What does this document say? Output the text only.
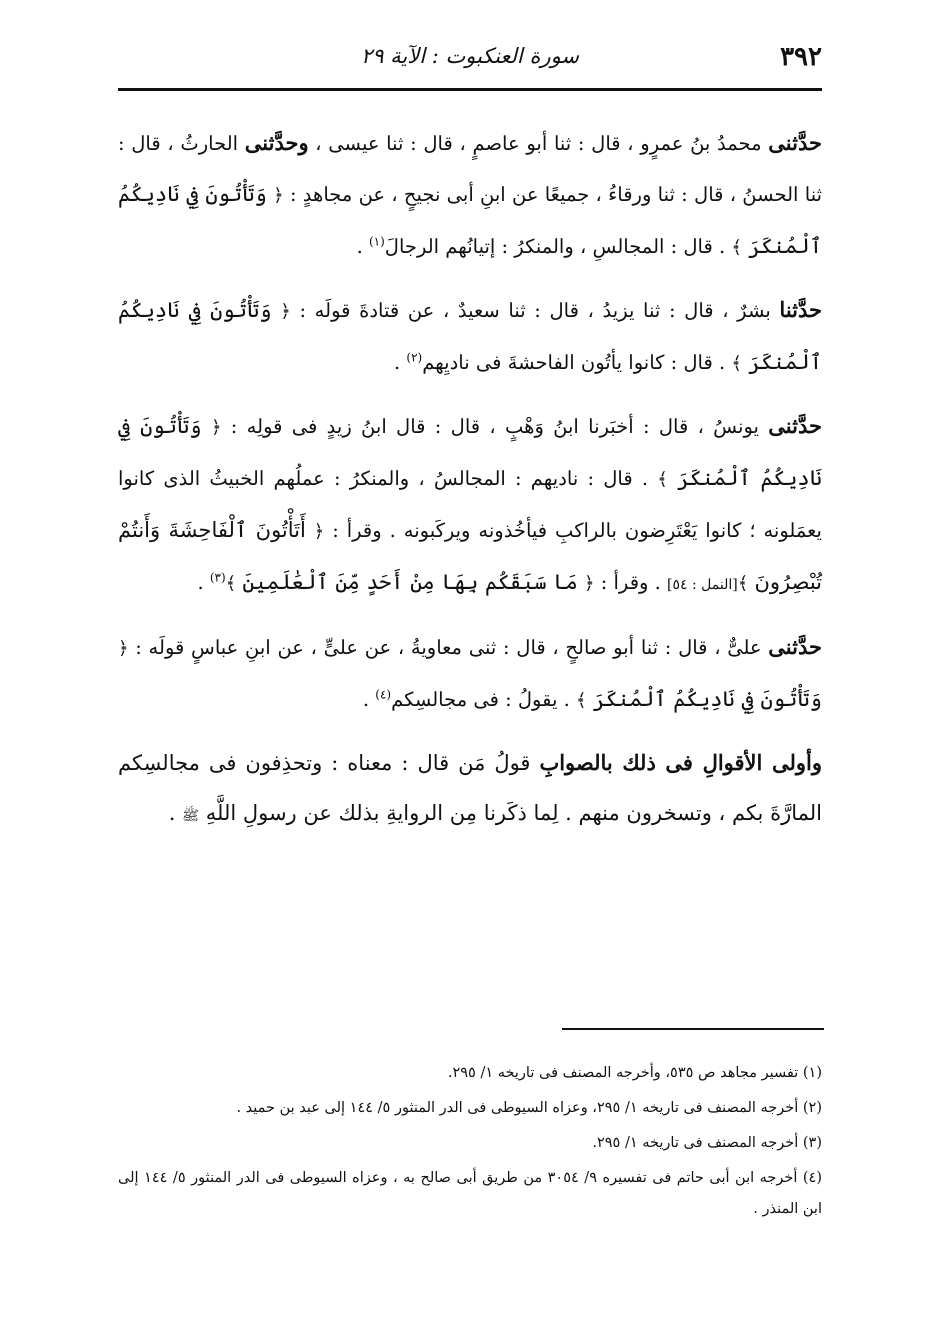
٣٩٢
سورة العنكبوت : الآية ٢٩

حدَّثنى محمدُ بنُ عمرٍو ، قال : ثنا أبو عاصمٍ ، قال : ثنا عيسى ، وحدَّثنى الحارثُ ، قال : ثنا الحسنُ ، قال : ثنا ورقاءُ ، جميعًا عن ابنِ أبى نجيحٍ ، عن مجاهدٍ : ﴿ وَتَأْتُونَ فِي نَادِيكُمُ ٱلْمُنكَرَ ﴾ . قال : المجالسِ ، والمنكرُ : إتيانُهم الرجالَ$^{(١)}$ .

حدَّثنا بشرٌ ، قال : ثنا يزيدُ ، قال : ثنا سعيدٌ ، عن قتادةَ قولَه : ﴿ وَتَأْتُونَ فِي نَادِيكُمُ ٱلْمُنكَرَ ﴾ . قال : كانوا يأتُون الفاحشةَ فى ناديِهم$^{(٢)}$ .

حدَّثنى يونسُ ، قال : أخبَرنا ابنُ وَهْبٍ ، قال : قال ابنُ زيدٍ فى قولِه : ﴿ وَتَأْتُونَ فِي نَادِيكُمُ ٱلْمُنكَرَ ﴾ . قال : ناديهم : المجالسُ ، والمنكرُ : عملُهم الخبيثُ الذى كانوا يعمَلونه ؛ كانوا يَعْتَرِضون بالراكبِ فيأخُذونه ويركَبونه . وقرأ : ﴿ أَتَأْتُونَ ٱلْفَاحِشَةَ وَأَنتُمْ تُبْصِرُونَ ﴾[النمل : ٥٤] . وقرأ : ﴿ مَا سَبَقَكُم بِهَا مِنْ أَحَدٍ مِّنَ ٱلْعَٰلَمِينَ ﴾$^{(٣)}$ .

حدَّثنى علىٌّ ، قال : ثنا أبو صالحٍ ، قال : ثنى معاويةُ ، عن علىٍّ ، عن ابنِ عباسٍ قولَه : ﴿ وَتَأْتُونَ فِي نَادِيكُمُ ٱلْمُنكَرَ ﴾ . يقولُ : فى مجالسِكم$^{(٤)}$ .

وأولى الأقوالِ فى ذلك بالصوابِ قولُ مَن قال : معناه : وتحذِفون فى مجالسِكم المارَّةَ بكم ، وتسخرون منهم . لِما ذكَرنا مِن الروايةِ بذلك عن رسولِ اللَّهِ ﷺ .

(١) تفسير مجاهد ص ٥٣٥، وأخرجه المصنف فى تاريخه ١/ ٢٩٥.

(٢) أخرجه المصنف فى تاريخه ١/ ٢٩٥، وعزاه السيوطى فى الدر المنثور ٥/ ١٤٤ إلى عبد بن حميد .

(٣) أخرجه المصنف فى تاريخه ١/ ٢٩٥.

(٤) أخرجه ابن أبى حاتم فى تفسيره ٩/ ٣٠٥٤ من طريق أبى صالح به ، وعزاه السيوطى فى الدر المنثور ٥/ ١٤٤ إلى ابن المنذر .
